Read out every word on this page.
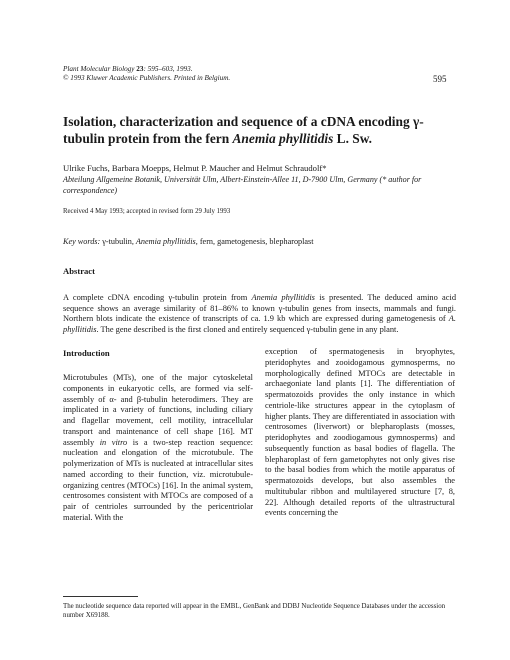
Plant Molecular Biology 23: 595–603, 1993.
© 1993 Kluwer Academic Publishers. Printed in Belgium.	595
Isolation, characterization and sequence of a cDNA encoding γ-tubulin protein from the fern Anemia phyllitidis L. Sw.
Ulrike Fuchs, Barbara Moepps, Helmut P. Maucher and Helmut Schraudolf*
Abteilung Allgemeine Botanik, Universität Ulm, Albert-Einstein-Allee 11, D-7900 Ulm, Germany (* author for correspondence)
Received 4 May 1993; accepted in revised form 29 July 1993
Key words: γ-tubulin, Anemia phyllitidis, fern, gametogenesis, blepharoplast
Abstract
A complete cDNA encoding γ-tubulin protein from Anemia phyllitidis is presented. The deduced amino acid sequence shows an average similarity of 81–86% to known γ-tubulin genes from insects, mammals and fungi. Northern blots indicate the existence of transcripts of ca. 1.9 kb which are expressed during gametogenesis of A. phyllitidis. The gene described is the first cloned and entirely sequenced γ-tubulin gene in any plant.
Introduction
Microtubules (MTs), one of the major cytoskeletal components in eukaryotic cells, are formed via self-assembly of α- and β-tubulin heterodimers. They are implicated in a variety of functions, including ciliary and flagellar movement, cell motility, intracellular transport and maintenance of cell shape [16]. MT assembly in vitro is a two-step reaction sequence: nucleation and elongation of the microtubule. The polymerization of MTs is nucleated at intracellular sites named according to their function, viz. microtubule-organizing centres (MTOCs) [16]. In the animal system, centrosomes consistent with MTOCs are composed of a pair of centrioles surrounded by the pericentriolar material. With the
exception of spermatogenesis in bryophytes, pteridophytes and zooidogamous gymnosperms, no morphologically defined MTOCs are detectable in archaegoniate land plants [1]. The differentiation of spermatozoids provides the only instance in which centriole-like structures appear in the cytoplasm of higher plants. They are differentiated in association with centrosomes (liverwort) or blepharoplasts (mosses, pteridophytes and zoodiogamous gymnosperms) and subsequently function as basal bodies of flagella. The blepharoplast of fern gametophytes not only gives rise to the basal bodies from which the motile apparatus of spermatozoids develops, but also assembles the multitubular ribbon and multilayered structure [7, 8, 22]. Although detailed reports of the ultrastructural events concerning the
The nucleotide sequence data reported will appear in the EMBL, GenBank and DDBJ Nucleotide Sequence Databases under the accession number X69188.
